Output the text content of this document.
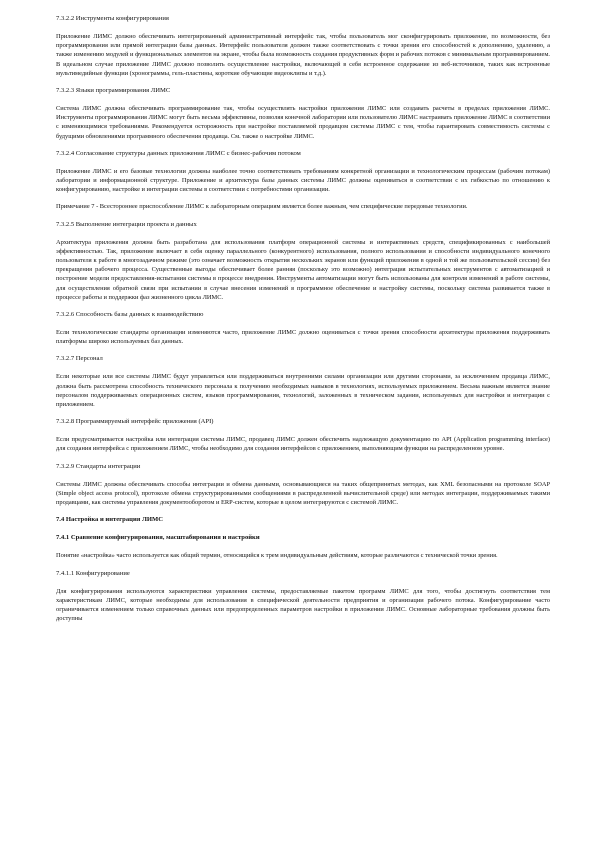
7.3.2.2 Инструменты конфигурирования
Приложение ЛИМС должно обеспечивать интегрированный административный интерфейс так, чтобы пользователь мог сконфигурировать приложение, по возможности, без программирования или прямой интеграции базы данных. Интерфейс пользователя должен также соответствовать с точки зрения его способностей к дополнению, удалению, а также изменению модулей и функциональных элементов на экране, чтобы была возможность создания продуктивных форм и рабочих потоков с минимальным программированием. В идеальном случае приложение ЛИМС должно позволить осуществление настройки, включающей в себя встроенное содержание из веб-источников, таких как встроенные мультимедийные функции (хронограммы, гель-пластины, короткие обучающие видеоклипы и т.д.).
7.3.2.3 Языки программирования ЛИМС
Система ЛИМС должна обеспечивать программирование так, чтобы осуществлять настройки приложения ЛИМС или создавать расчеты в пределах приложения ЛИМС. Инструменты программирования ЛИМС могут быть весьма эффективны, позволяя конечной лаборатории или пользователю ЛИМС настраивать приложение ЛИМС в соответствии с изменяющимися требованиями. Рекомендуется осторожность при настройке поставляемой продавцом системы ЛИМС с тем, чтобы гарантировать совместимость системы с будущими обновлениями программного обеспечения продавца. См. также о настройке ЛИМС.
7.3.2.4 Согласование структуры данных приложения ЛИМС с бизнес-рабочим потоком
Приложение ЛИМС и его базовые технологии должны наиболее точно соответствовать требованиям конкретной организации и технологическим процессам (рабочим потокам) лаборатории и информационной структуре. Приложение и архитектура базы данных системы ЛИМС должны оцениваться в соответствии с их гибкостью по отношению к конфигурированию, настройке и интеграции системы в соответствии с потребностями организации.
Примечание 7 - Всестороннее приспособление ЛИМС к лабораторным операциям является более важным, чем специфические передовые технологии.
7.3.2.5 Выполнение интеграции проекта и данных
Архитектура приложения должна быть разработана для использования платформ операционной системы и интерактивных средств, спецификированных с наибольшей эффективностью. Так, приложение включает в себя оценку параллельного (конкурентного) использования, полного использования и способности индивидуального конечного пользователя к работе в многозадачном режиме (это означает возможность открытия нескольких экранов или функций приложения в одной и той же пользовательской сессии) без прекращения рабочего процесса. Существенные выгоды обеспечивает более ранняя (поскольку это возможно) интеграция испытательных инструментов с автоматизацией и построение модели предоставления-испытания системы в процессе внедрения. Инструменты автоматизации могут быть использованы для контроля изменений в работе системы, для осуществления обратной связи при испытании в случае внесения изменений в программное обеспечение и настройку системы, поскольку система развивается также в процессе работы и поддержки фаз жизненного цикла ЛИМС.
7.3.2.6 Способность базы данных к взаимодействию
Если технологические стандарты организации изменяются часто, приложение ЛИМС должно оцениваться с точки зрения способности архитектуры приложения поддерживать платформы широко используемых баз данных.
7.3.2.7 Персонал
Если некоторые или все системы ЛИМС будут управляться или поддерживаться внутренними силами организации или другими сторонами, за исключением продавца ЛИМС, должна быть рассмотрена способность технического персонала к получению необходимых навыков в технологиях, используемых приложением. Весьма важным является знание персоналом поддерживаемых операционных систем, языков программирования, технологий, заложенных в техническом задании, используемых для настройки и интеграции с приложением.
7.3.2.8 Программируемый интерфейс приложения (API)
Если предусматривается настройка или интеграция системы ЛИМС, продавец ЛИМС должен обеспечить надлежащую документацию по API (Application programming interface) для создания интерфейса с приложением ЛИМС, чтобы необходимо для создания интерфейсов с приложением, выполняющим функции на распределенном уровне.
7.3.2.9 Стандарты интеграции
Системы ЛИМС должны обеспечивать способы интеграции и обмена данными, основывающиеся на таких общепринятых методах, как XML безопасными на протоколе SOAP (Simple object access protocol), протоколе обмена структурированными сообщениями в распределенной вычислительной среде) или методах интеграции, поддерживаемых такими продавцами, как системы управления документооборотом и ERP-систем, которые в целом интегрируются с системой ЛИМС.
7.4 Настройка и интеграция ЛИМС
7.4.1 Сравнение конфигурирования, масштабирования и настройки
Понятие «настройка» часто используется как общий термин, относящийся к трем индивидуальным действиям, которые различаются с технической точки зрения.
7.4.1.1 Конфигурирование
Для конфигурирования используются характеристики управления системы, предоставляемые пакетом программ ЛИМС для того, чтобы достигнуть соответствия тем характеристикам ЛИМС, которые необходимы для использования в специфической деятельности предприятия и организации рабочего потока. Конфигурирование часто ограничивается изменением только справочных данных или предопределенных параметров настройки в приложении ЛИМС. Основные лабораторные требования должны быть доступны
